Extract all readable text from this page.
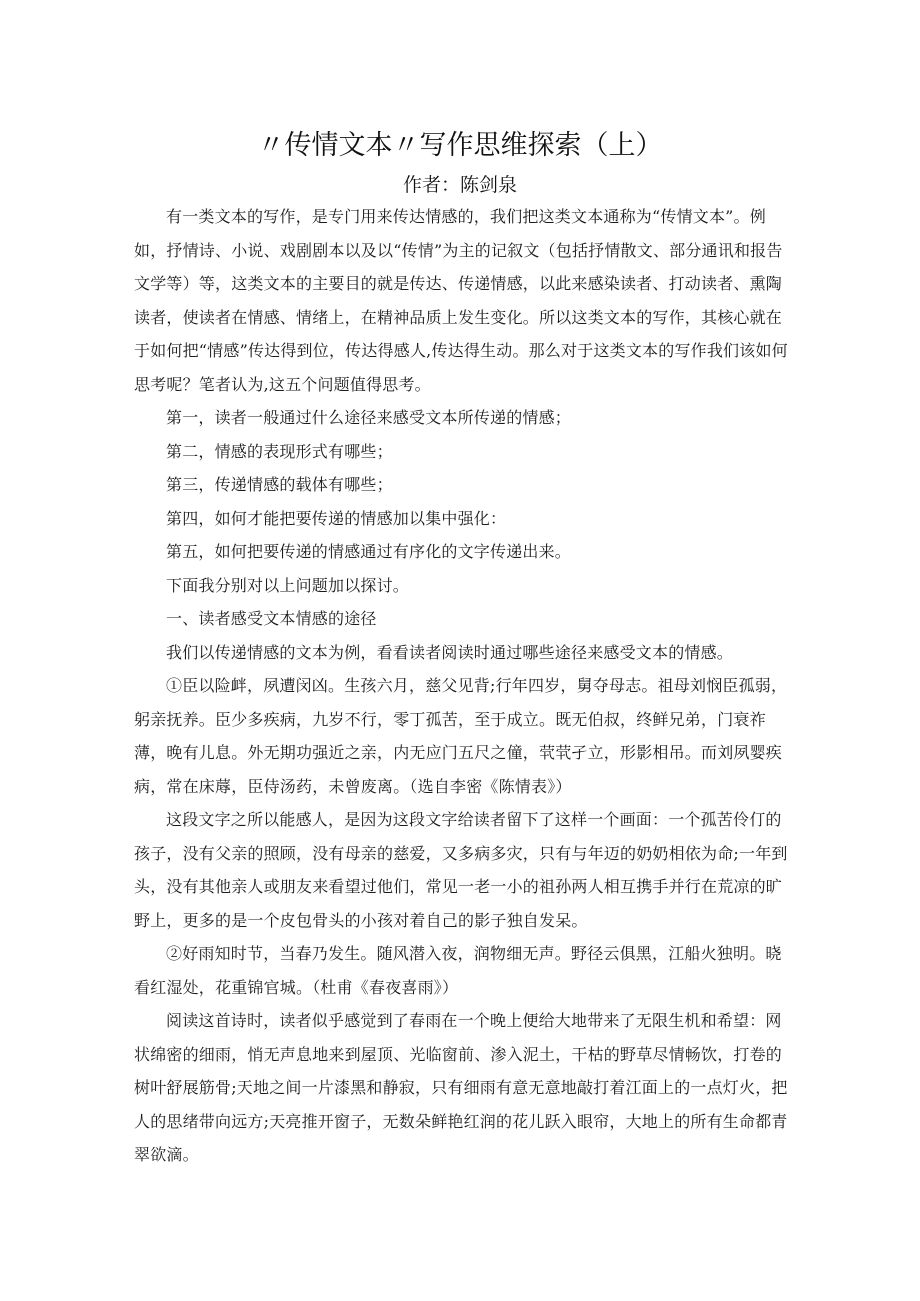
〃传情文本〃写作思维探索（上）
作者：陈剑泉

有一类文本的写作，是专门用来传达情感的，我们把这类文本通称为“传情文本”。例如，抒情诗、小说、戏剧剧本以及以“传情”为主的记叙文（包括抒情散文、部分通讯和报告文学等）等，这类文本的主要目的就是传达、传递情感，以此来感染读者、打动读者、熏陶读者，使读者在情感、情绪上，在精神品质上发生变化。所以这类文本的写作，其核心就在于如何把“情感”传达得到位，传达得感人,传达得生动。那么对于这类文本的写作我们该如何思考呢？笔者认为,这五个问题值得思考。

第一，读者一般通过什么途径来感受文本所传递的情感；

第二，情感的表现形式有哪些；

第三，传递情感的载体有哪些；

第四，如何才能把要传递的情感加以集中强化：

第五，如何把要传递的情感通过有序化的文字传递出来。

下面我分别对以上问题加以探讨。

一、读者感受文本情感的途径

我们以传递情感的文本为例，看看读者阅读时通过哪些途径来感受文本的情感。

①臣以险衅，夙遭闵凶。生孩六月，慈父见背;行年四岁，舅夺母志。祖母刘悯臣孤弱，躬亲抚养。臣少多疾病，九岁不行，零丁孤苦，至于成立。既无伯叔，终鲜兄弟，门衰祚薄，晚有儿息。外无期功强近之亲，内无应门五尺之僮，茕茕孑立，形影相吊。而刘夙婴疾病，常在床蓐，臣侍汤药，未曾废离。（选自李密《陈情表》）

这段文字之所以能感人，是因为这段文字给读者留下了这样一个画面：一个孤苦伶仃的孩子，没有父亲的照顾，没有母亲的慈爱，又多病多灾，只有与年迈的奶奶相依为命;一年到头，没有其他亲人或朋友来看望过他们，常见一老一小的祖孙两人相互携手并行在荒凉的旷野上，更多的是一个皮包骨头的小孩对着自己的影子独自发呆。

②好雨知时节，当春乃发生。随风潜入夜，润物细无声。野径云俱黑，江船火独明。晓看红湿处，花重锦官城。（杜甫《春夜喜雨》）

阅读这首诗时，读者似乎感觉到了春雨在一个晚上便给大地带来了无限生机和希望：网状绵密的细雨，悄无声息地来到屋顶、光临窗前、渗入泥土，干枯的野草尽情畅饮，打卷的树叶舒展筋骨;天地之间一片漆黑和静寂，只有细雨有意无意地敲打着江面上的一点灯火，把人的思绪带向远方;天亮推开窗子，无数朵鲜艳红润的花儿跃入眼帘，大地上的所有生命都青翠欲滴。
